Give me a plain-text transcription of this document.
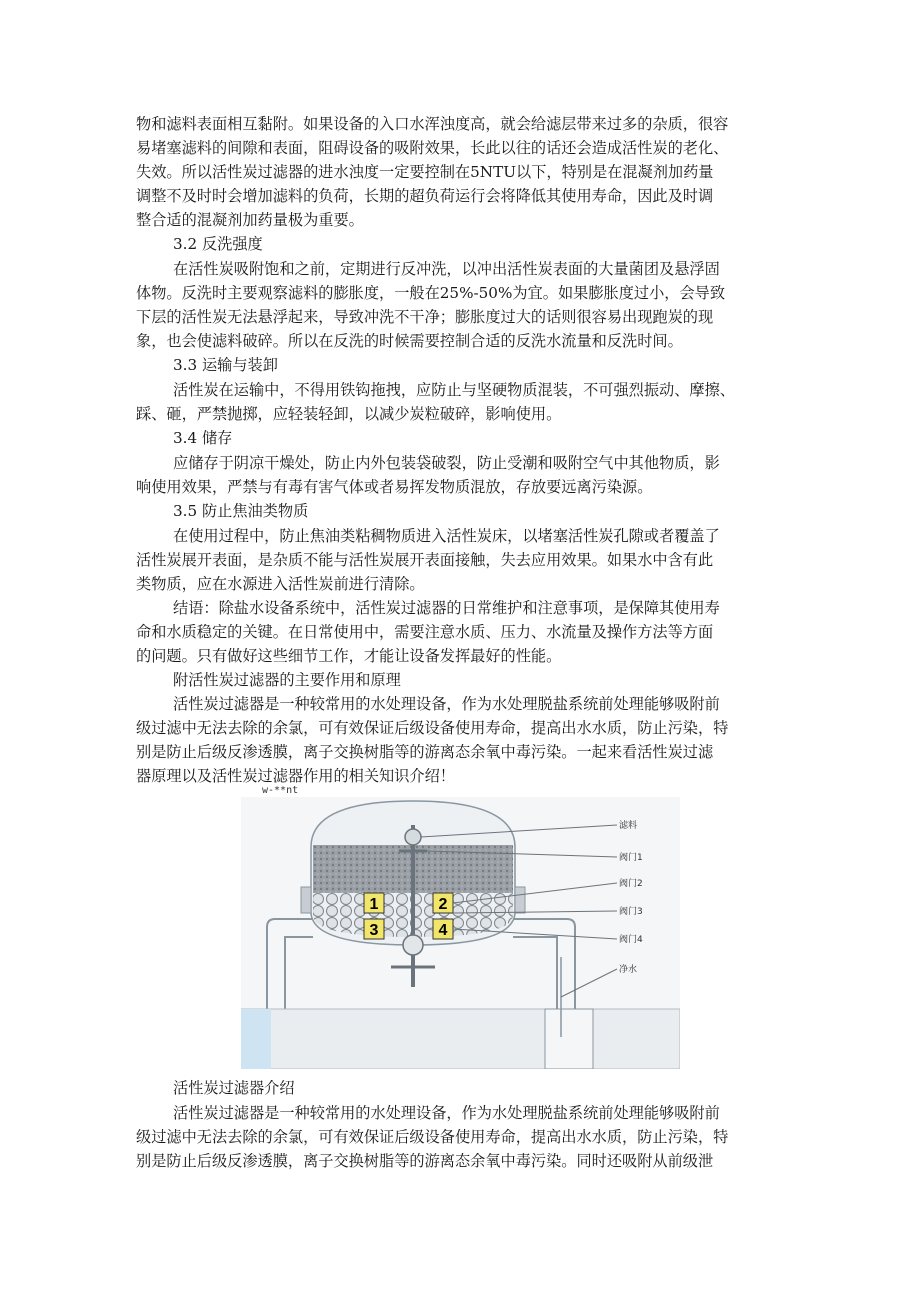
物和滤料表面相互黏附。如果设备的入口水浑浊度高，就会给滤层带来过多的杂质，很容
易堵塞滤料的间隙和表面，阻碍设备的吸附效果，长此以往的话还会造成活性炭的老化、
失效。所以活性炭过滤器的进水浊度一定要控制在5NTU以下，特别是在混凝剂加药量
调整不及时时会增加滤料的负荷，长期的超负荷运行会将降低其使用寿命，因此及时调
整合适的混凝剂加药量极为重要。
3.2 反洗强度
在活性炭吸附饱和之前，定期进行反冲洗，以冲出活性炭表面的大量菌团及悬浮固
体物。反洗时主要观察滤料的膨胀度，一般在25%-50%为宜。如果膨胀度过小，会导致
下层的活性炭无法悬浮起来，导致冲洗不干净；膨胀度过大的话则很容易出现跑炭的现
象，也会使滤料破碎。所以在反洗的时候需要控制合适的反洗水流量和反洗时间。
3.3 运输与装卸
活性炭在运输中，不得用铁钩拖拽，应防止与坚硬物质混装，不可强烈振动、摩擦、
踩、砸，严禁抛掷，应轻装轻卸，以减少炭粒破碎，影响使用。
3.4 储存
应储存于阴凉干燥处，防止内外包装袋破裂，防止受潮和吸附空气中其他物质，影
响使用效果，严禁与有毒有害气体或者易挥发物质混放，存放要远离污染源。
3.5 防止焦油类物质
在使用过程中，防止焦油类粘稠物质进入活性炭床，以堵塞活性炭孔隙或者覆盖了
活性炭展开表面，是杂质不能与活性炭展开表面接触，失去应用效果。如果水中含有此
类物质，应在水源进入活性炭前进行清除。
结语：除盐水设备系统中，活性炭过滤器的日常维护和注意事项，是保障其使用寿
命和水质稳定的关键。在日常使用中，需要注意水质、压力、水流量及操作方法等方面
的问题。只有做好这些细节工作，才能让设备发挥最好的性能。
附活性炭过滤器的主要作用和原理
活性炭过滤器是一种较常用的水处理设备，作为水处理脱盐系统前处理能够吸附前
级过滤中无法去除的余氯，可有效保证后级设备使用寿命，提高出水水质，防止污染，特
别是防止后级反渗透膜，离子交换树脂等的游离态余氧中毒污染。一起来看活性炭过滤
器原理以及活性炭过滤器作用的相关知识介绍！
w-**nt
1	2
3	4
滤料
阀门1
阀门2
阀门3
阀门4
净水
活性炭过滤器介绍
活性炭过滤器是一种较常用的水处理设备，作为水处理脱盐系统前处理能够吸附前
级过滤中无法去除的余氯，可有效保证后级设备使用寿命，提高出水水质，防止污染，特
别是防止后级反渗透膜，离子交换树脂等的游离态余氧中毒污染。同时还吸附从前级泄
